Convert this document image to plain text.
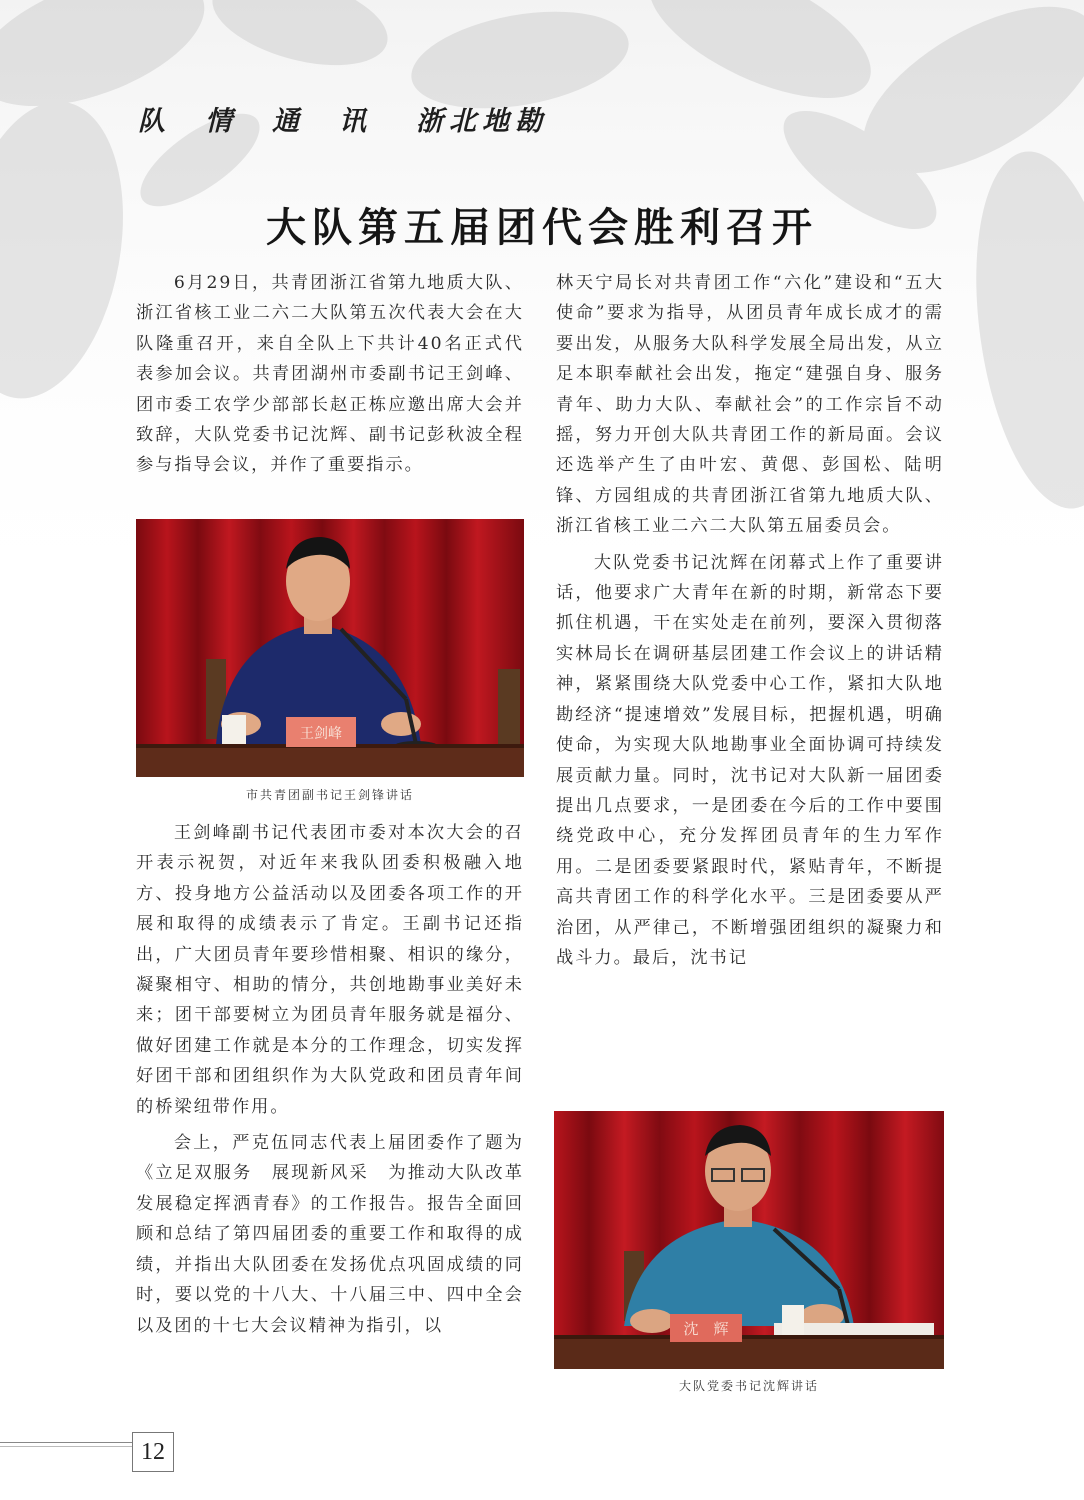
队情通讯 浙北地勘
大队第五届团代会胜利召开

6月29日，共青团浙江省第九地质大队、浙江省核工业二六二大队第五次代表大会在大队隆重召开，来自全队上下共计40名正式代表参加会议。共青团湖州市委副书记王剑峰、团市委工农学少部部长赵正栋应邀出席大会并致辞，大队党委书记沈辉、副书记彭秋波全程参与指导会议，并作了重要指示。

王剑峰
市共青团副书记王剑锋讲话

王剑峰副书记代表团市委对本次大会的召开表示祝贺，对近年来我队团委积极融入地方、投身地方公益活动以及团委各项工作的开展和取得的成绩表示了肯定。王副书记还指出，广大团员青年要珍惜相聚、相识的缘分，凝聚相守、相助的情分，共创地勘事业美好未来；团干部要树立为团员青年服务就是福分、做好团建工作就是本分的工作理念，切实发挥好团干部和团组织作为大队党政和团员青年间的桥梁纽带作用。

会上，严克伍同志代表上届团委作了题为《立足双服务　展现新风采　为推动大队改革发展稳定挥洒青春》的工作报告。报告全面回顾和总结了第四届团委的重要工作和取得的成绩，并指出大队团委在发扬优点巩固成绩的同时，要以党的十八大、十八届三中、四中全会以及团的十七大会议精神为指引，以

林天宁局长对共青团工作“六化”建设和“五大使命”要求为指导，从团员青年成长成才的需要出发，从服务大队科学发展全局出发，从立足本职奉献社会出发，拖定“建强自身、服务青年、助力大队、奉献社会”的工作宗旨不动摇，努力开创大队共青团工作的新局面。会议还选举产生了由叶宏、黄偲、彭国松、陆明锋、方园组成的共青团浙江省第九地质大队、浙江省核工业二六二大队第五届委员会。

大队党委书记沈辉在闭幕式上作了重要讲话，他要求广大青年在新的时期，新常态下要抓住机遇，干在实处走在前列，要深入贯彻落实林局长在调研基层团建工作会议上的讲话精神，紧紧围绕大队党委中心工作，紧扣大队地勘经济“提速增效”发展目标，把握机遇，明确使命，为实现大队地勘事业全面协调可持续发展贡献力量。同时，沈书记对大队新一届团委提出几点要求，一是团委在今后的工作中要围绕党政中心，充分发挥团员青年的生力军作用。二是团委要紧跟时代，紧贴青年，不断提高共青团工作的科学化水平。三是团委要从严治团，从严律己，不断增强团组织的凝聚力和战斗力。最后，沈书记

沈　辉
大队党委书记沈辉讲话
12
